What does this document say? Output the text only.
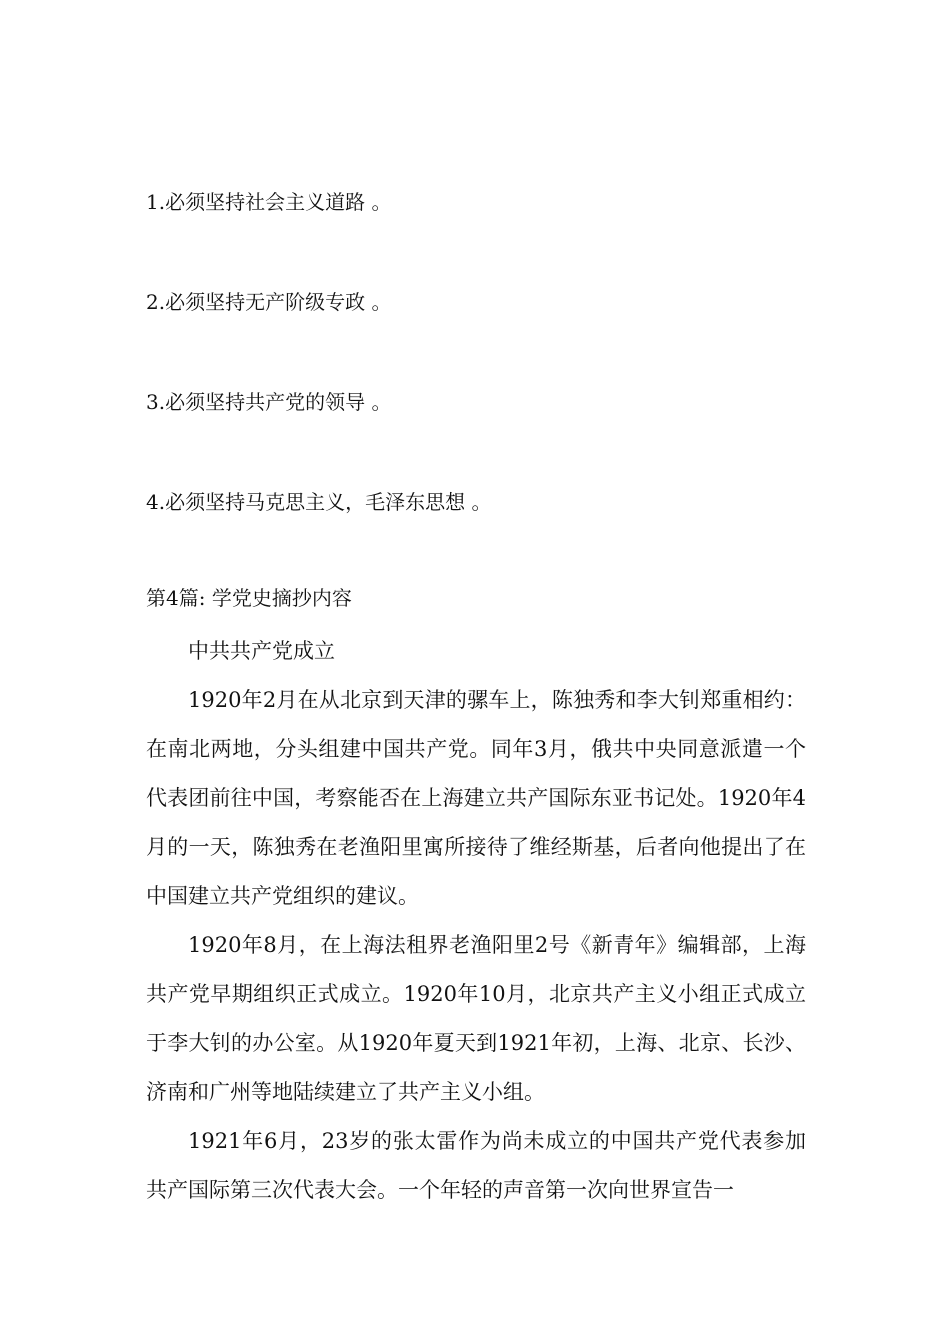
1.必须坚持社会主义道路 。
2.必须坚持无产阶级专政 。
3.必须坚持共产党的领导 。
4.必须坚持马克思主义，毛泽东思想 。
第4篇: 学党史摘抄内容

中共共产党成立

1920年2月在从北京到天津的骡车上，陈独秀和李大钊郑重相约：在南北两地，分头组建中国共产党。同年3月，俄共中央同意派遣一个代表团前往中国，考察能否在上海建立共产国际东亚书记处。1920年4月的一天，陈独秀在老渔阳里寓所接待了维经斯基，后者向他提出了在中国建立共产党组织的建议。

1920年8月，在上海法租界老渔阳里2号《新青年》编辑部，上海共产党早期组织正式成立。1920年10月，北京共产主义小组正式成立于李大钊的办公室。从1920年夏天到1921年初，上海、北京、长沙、济南和广州等地陆续建立了共产主义小组。

1921年6月，23岁的张太雷作为尚未成立的中国共产党代表参加共产国际第三次代表大会。一个年轻的声音第一次向世界宣告一
